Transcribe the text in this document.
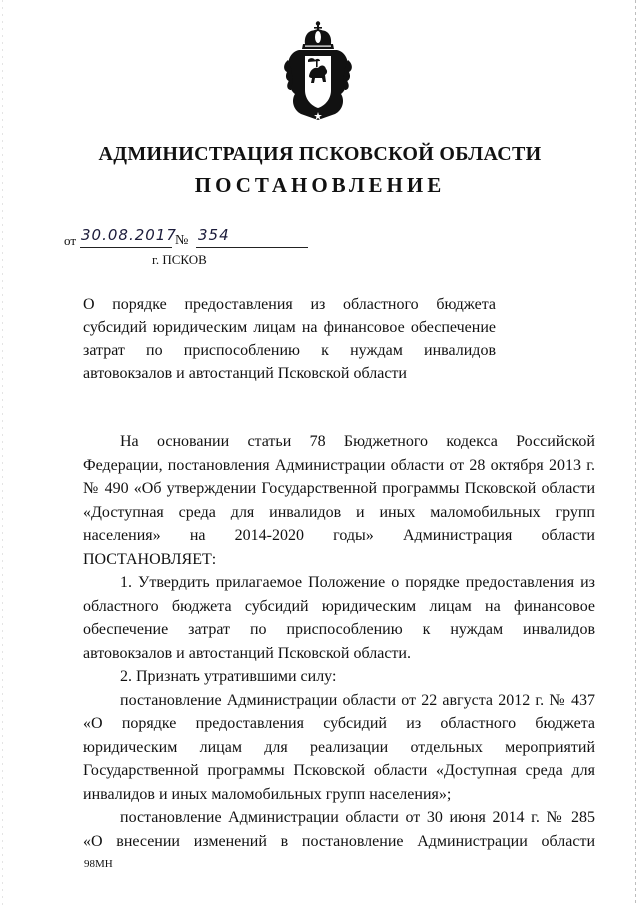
АДМИНИСТРАЦИЯ ПСКОВСКОЙ ОБЛАСТИ
ПОСТАНОВЛЕНИЕ
от 30.08.2017
№ 354
г. ПСКОВ
О порядке предоставления из областного бюджета
субсидий юридическим лицам на финансовое обеспечение
затрат по приспособлению к нуждам инвалидов
автовокзалов и автостанций Псковской области
На основании статьи 78 Бюджетного кодекса Российской
Федерации, постановления Администрации области от 28 октября 2013 г.
№ 490 «Об утверждении Государственной программы Псковской области
«Доступная среда для инвалидов и иных маломобильных групп
населения» на 2014-2020 годы» Администрация области
ПОСТАНОВЛЯЕТ:
1. Утвердить прилагаемое Положение о порядке предоставления из
областного бюджета субсидий юридическим лицам на финансовое
обеспечение затрат по приспособлению к нуждам инвалидов
автовокзалов и автостанций Псковской области.
2. Признать утратившими силу:
постановление Администрации области от 22 августа 2012 г. № 437
«О порядке предоставления субсидий из областного бюджета
юридическим лицам для реализации отдельных мероприятий
Государственной программы Псковской области «Доступная среда для
инвалидов и иных маломобильных групп населения»;
постановление Администрации области от 30 июня 2014 г. № 285
«О внесении изменений в постановление Администрации области
98МН
